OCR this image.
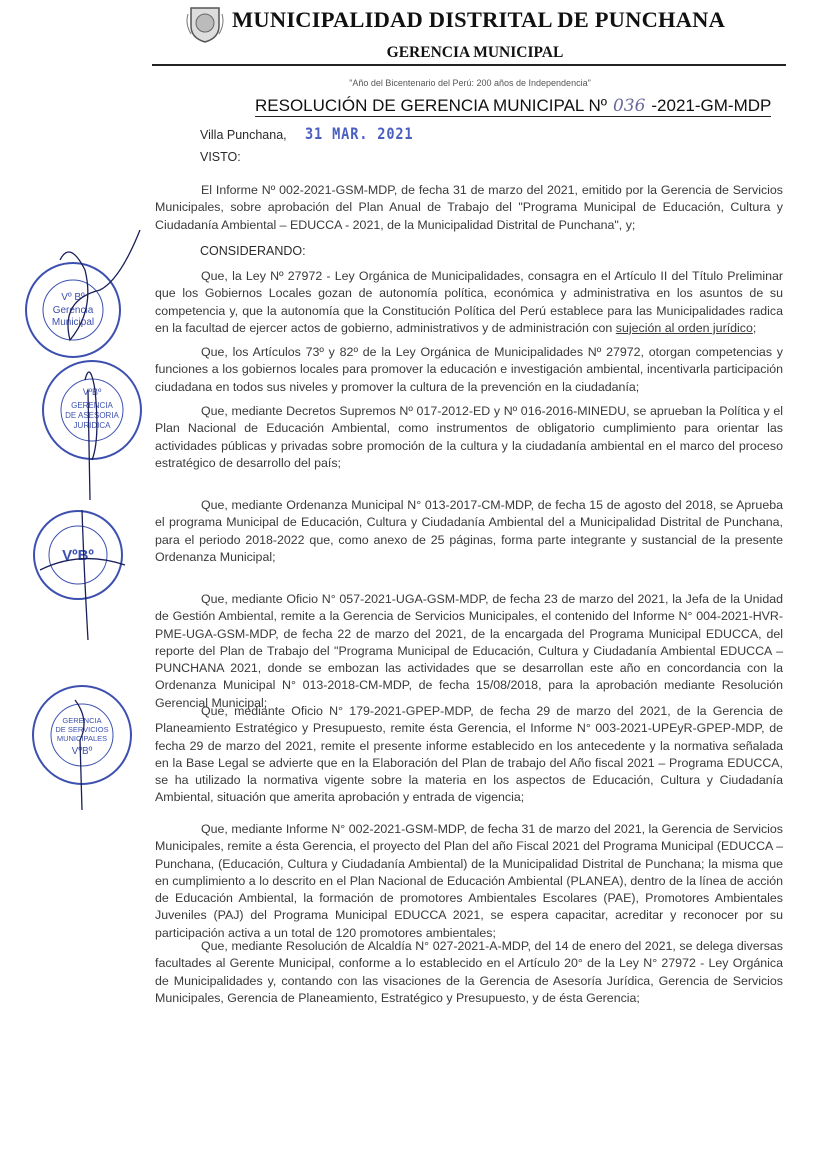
MUNICIPALIDAD DISTRITAL DE PUNCHANA
GERENCIA MUNICIPAL
"Año del Bicentenario del Perú: 200 años de Independencia"
RESOLUCIÓN DE GERENCIA MUNICIPAL Nº 036 -2021-GM-MDP
Villa Punchana, 31 MAR. 2021
VISTO:
El Informe Nº 002-2021-GSM-MDP, de fecha 31 de marzo del 2021, emitido por la Gerencia de Servicios Municipales, sobre aprobación del Plan Anual de Trabajo del "Programa Municipal de Educación, Cultura y Ciudadanía Ambiental – EDUCCA - 2021, de la Municipalidad Distrital de Punchana", y;
CONSIDERANDO:
Que, la Ley Nº 27972 - Ley Orgánica de Municipalidades, consagra en el Artículo II del Título Preliminar que los Gobiernos Locales gozan de autonomía política, económica y administrativa en los asuntos de su competencia y, que la autonomía que la Constitución Política del Perú establece para las Municipalidades radica en la facultad de ejercer actos de gobierno, administrativos y de administración con sujeción al orden jurídico;
Que, los Artículos 73º y 82º de la Ley Orgánica de Municipalidades Nº 27972, otorgan competencias y funciones a los gobiernos locales para promover la educación e investigación ambiental, incentivarla participación ciudadana en todos sus niveles y promover la cultura de la prevención en la ciudadanía;
Que, mediante Decretos Supremos Nº 017-2012-ED y Nº 016-2016-MINEDU, se aprueban la Política y el Plan Nacional de Educación Ambiental, como instrumentos de obligatorio cumplimiento para orientar las actividades públicas y privadas sobre promoción de la cultura y la ciudadanía ambiental en el marco del proceso estratégico de desarrollo del país;
Que, mediante Ordenanza Municipal N° 013-2017-CM-MDP, de fecha 15 de agosto del 2018, se Aprueba el programa Municipal de Educación, Cultura y Ciudadanía Ambiental del a Municipalidad Distrital de Punchana, para el periodo 2018-2022 que, como anexo de 25 páginas, forma parte integrante y sustancial de la presente Ordenanza Municipal;
Que, mediante Oficio N° 057-2021-UGA-GSM-MDP, de fecha 23 de marzo del 2021, la Jefa de la Unidad de Gestión Ambiental, remite a la Gerencia de Servicios Municipales, el contenido del Informe N° 004-2021-HVR-PME-UGA-GSM-MDP, de fecha 22 de marzo del 2021, de la encargada del Programa Municipal EDUCCA, del reporte del Plan de Trabajo del "Programa Municipal de Educación, Cultura y Ciudadanía Ambiental EDUCCA – PUNCHANA 2021, donde se embozan las actividades que se desarrollan este año en concordancia con la Ordenanza Municipal N° 013-2018-CM-MDP, de fecha 15/08/2018, para la aprobación mediante Resolución Gerencial Municipal;
Que, mediante Oficio N° 179-2021-GPEP-MDP, de fecha 29 de marzo del 2021, de la Gerencia de Planeamiento Estratégico y Presupuesto, remite ésta Gerencia, el Informe N° 003-2021-UPEyR-GPEP-MDP, de fecha 29 de marzo del 2021, remite el presente informe establecido en los antecedente y la normativa señalada en la Base Legal se advierte que en la Elaboración del Plan de trabajo del Año fiscal 2021 – Programa EDUCCA, se ha utilizado la normativa vigente sobre la materia en los aspectos de Educación, Cultura y Ciudadanía Ambiental, situación que amerita aprobación y entrada de vigencia;
Que, mediante Informe N° 002-2021-GSM-MDP, de fecha 31 de marzo del 2021, la Gerencia de Servicios Municipales, remite a ésta Gerencia, el proyecto del Plan del año Fiscal 2021 del Programa Municipal (EDUCCA – Punchana, (Educación, Cultura y Ciudadanía Ambiental) de la Municipalidad Distrital de Punchana; la misma que en cumplimiento a lo descrito en el Plan Nacional de Educación Ambiental (PLANEA), dentro de la línea de acción de Educación Ambiental, la formación de promotores Ambientales Escolares (PAE), Promotores Ambientales Juveniles (PAJ) del Programa Municipal EDUCCA 2021, se espera capacitar, acreditar y reconocer por su participación activa a un total de 120 promotores ambientales;
Que, mediante Resolución de Alcaldía N° 027-2021-A-MDP, del 14 de enero del 2021, se delega diversas facultades al Gerente Municipal, conforme a lo establecido en el Artículo 20° de la Ley N° 27972 - Ley Orgánica de Municipalidades y, contando con las visaciones de la Gerencia de Asesoría Jurídica, Gerencia de Servicios Municipales, Gerencia de Planeamiento, Estratégico y Presupuesto, y de ésta Gerencia;
Vº Bº
Gerencia
Municipal
VºBº
GERENCIA
DE ASESORIA
JURIDICA
VºBº
GERENCIA
DE SERVICIOS
MUNICIPALES
VºBº
